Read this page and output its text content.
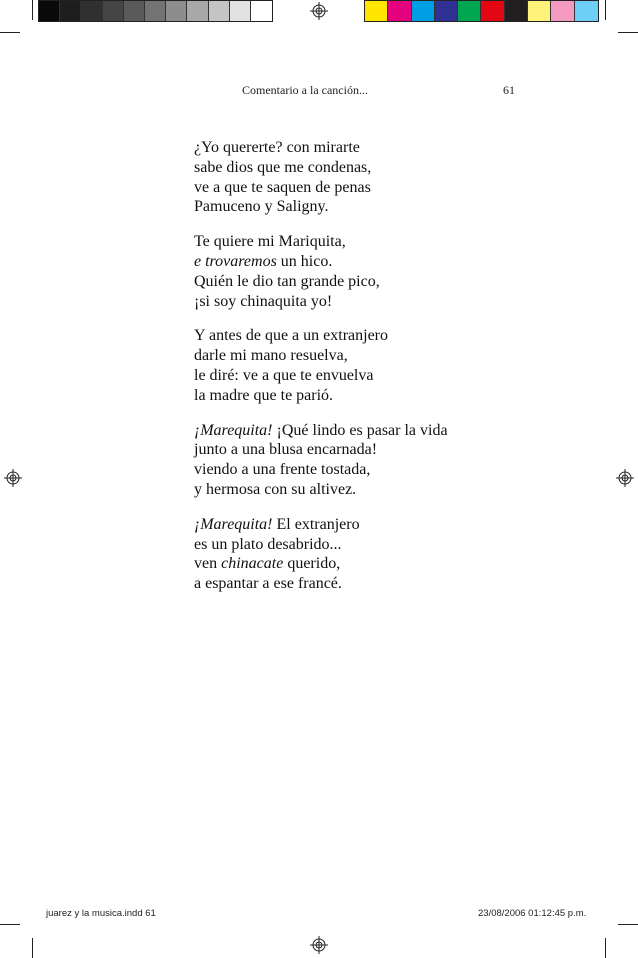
Comentario a la canción...	61
¿Yo quererte? con mirarte
sabe dios que me condenas,
ve a que te saquen de penas
Pamuceno y Saligny.
Te quiere mi Mariquita,
e trovaremos un hico.
Quién le dio tan grande pico,
¡si soy chinaquita yo!
Y antes de que a un extranjero
darle mi mano resuelva,
le diré: ve a que te envuelva
la madre que te parió.
¡Marequita! ¡Qué lindo es pasar la vida
junto a una blusa encarnada!
viendo a una frente tostada,
y hermosa con su altivez.
¡Marequita! El extranjero
es un plato desabrido...
ven chinacate querido,
a espantar a ese francé.
juarez y la musica.indd 61	23/08/2006 01:12:45 p.m.
